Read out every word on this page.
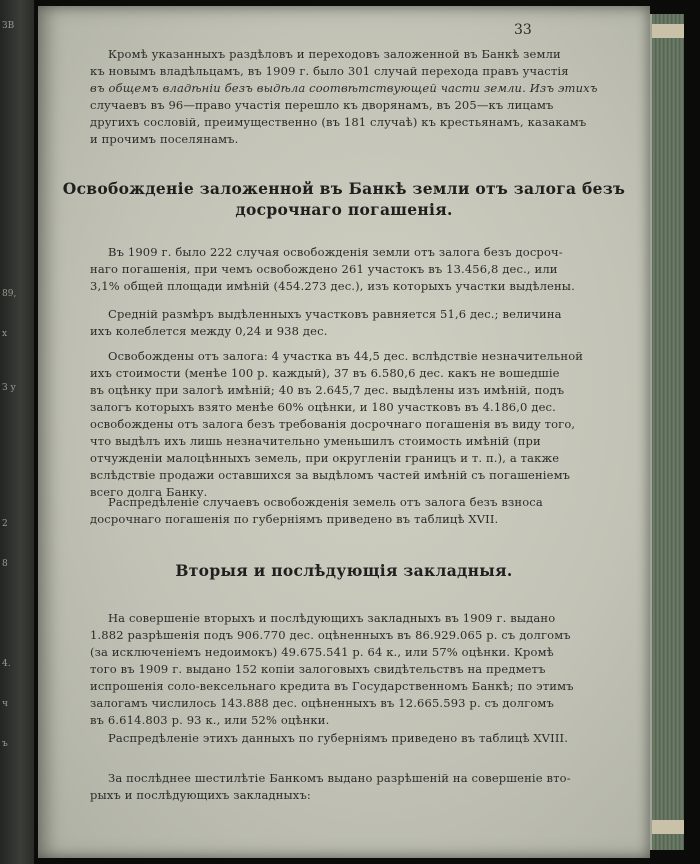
ЗВ
89,
х
З у
2
8
4.
ч
ъ
33
Кромѣ указанныхъ раздѣловъ и переходовъ заложенной въ Банкѣ земли
къ новымъ владѣльцамъ, въ 1909 г. было 301 случай перехода правъ участія
въ общемъ владѣніи безъ выдѣла соотвѣтствующей части земли. Изъ этихъ
случаевъ въ 96—право участія перешло къ дворянамъ, въ 205—къ лицамъ
другихъ сословій, преимущественно (въ 181 случаѣ) къ крестьянамъ, казакамъ
и прочимъ поселянамъ.
Освобожденіе заложенной въ Банкѣ земли отъ залога безъ
досрочнаго погашенія.
Въ 1909 г. было 222 случая освобожденія земли отъ залога безъ досроч-
наго погашенія, при чемъ освобождено 261 участокъ въ 13.456,8 дес., или
3,1% общей площади имѣній (454.273 дес.), изъ которыхъ участки выдѣлены.
Средній размѣръ выдѣленныхъ участковъ равняется 51,6 дес.; величина
ихъ колеблется между 0,24 и 938 дес.
Освобождены отъ залога: 4 участка въ 44,5 дес. вслѣдствіе незначительной
ихъ стоимости (менѣе 100 р. каждый), 37 въ 6.580,6 дес. какъ не вошедшіе
въ оцѣнку при залогѣ имѣній; 40 въ 2.645,7 дес. выдѣлены изъ имѣній, подъ
залогъ которыхъ взято менѣе 60% оцѣнки, и 180 участковъ въ 4.186,0 дес.
освобождены отъ залога безъ требованія досрочнаго погашенія въ виду того,
что выдѣлъ ихъ лишь незначительно уменьшилъ стоимость имѣній (при
отчужденіи малоцѣнныхъ земель, при округленіи границъ и т. п.), а также
вслѣдствіе продажи оставшихся за выдѣломъ частей имѣній съ погашеніемъ
всего долга Банку.
Распредѣленіе случаевъ освобожденія земель отъ залога безъ взноса
досрочнаго погашенія по губерніямъ приведено въ таблицѣ XVII.
Вторыя и послѣдующія закладныя.
На совершеніе вторыхъ и послѣдующихъ закладныхъ въ 1909 г. выдано
1.882 разрѣшенія подъ 906.770 дес. оцѣненныхъ въ 86.929.065 р. съ долгомъ
(за исключеніемъ недоимокъ) 49.675.541 р. 64 к., или 57% оцѣнки. Кромѣ
того въ 1909 г. выдано 152 копіи залоговыхъ свидѣтельствъ на предметъ
испрошенія соло-вексельнаго кредита въ Государственномъ Банкѣ; по этимъ
залогамъ числилось 143.888 дес. оцѣненныхъ въ 12.665.593 р. съ долгомъ
въ 6.614.803 р. 93 к., или 52% оцѣнки.
Распредѣленіе этихъ данныхъ по губерніямъ приведено въ таблицѣ XVIII.
За послѣднее шестилѣтіе Банкомъ выдано разрѣшеній на совершеніе вто-
рыхъ и послѣдующихъ закладныхъ:
